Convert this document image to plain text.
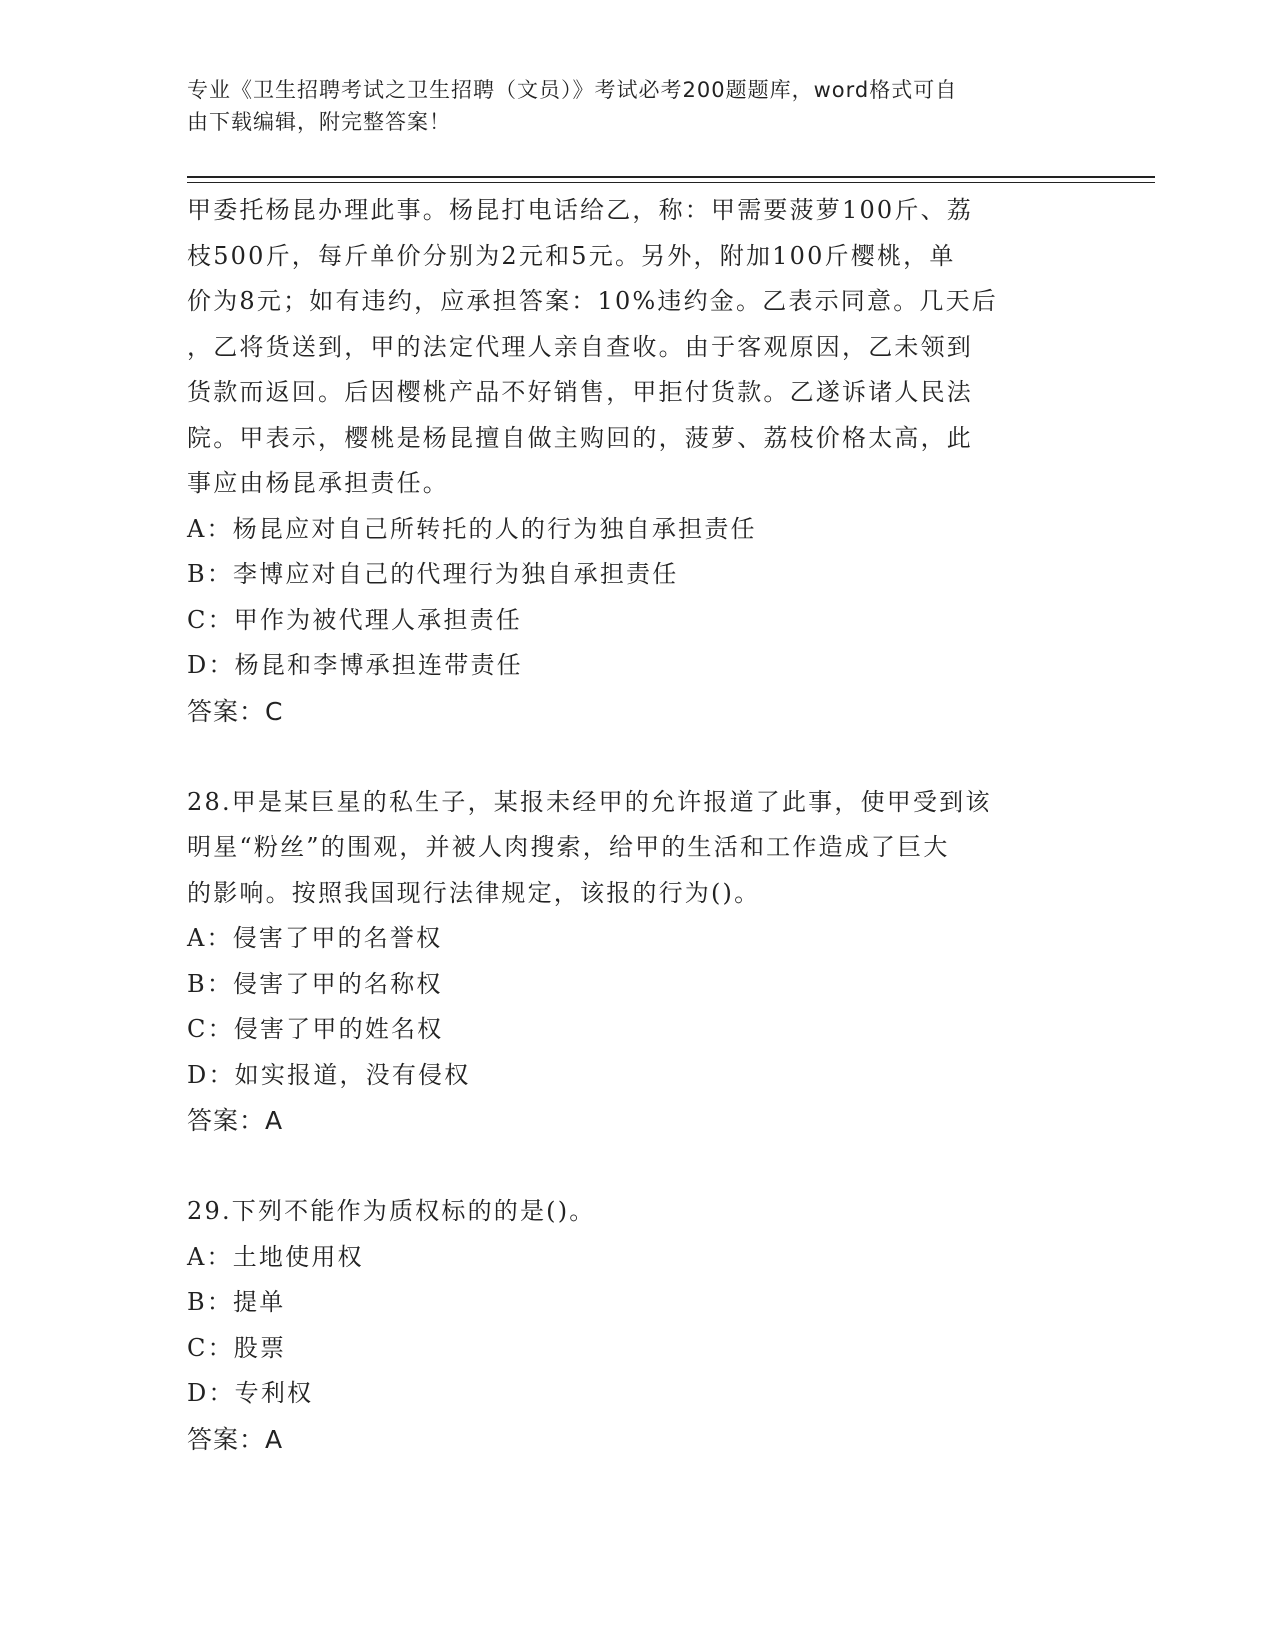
专业《卫生招聘考试之卫生招聘（文员）》考试必考200题题库，word格式可自
由下载编辑，附完整答案！
甲委托杨昆办理此事。杨昆打电话给乙，称：甲需要菠萝100斤、荔
枝500斤，每斤单价分别为2元和5元。另外，附加100斤樱桃，单
价为8元；如有违约，应承担答案：10%违约金。乙表示同意。几天后
，乙将货送到，甲的法定代理人亲自查收。由于客观原因，乙未领到
货款而返回。后因樱桃产品不好销售，甲拒付货款。乙遂诉诸人民法
院。甲表示，樱桃是杨昆擅自做主购回的，菠萝、荔枝价格太高，此
事应由杨昆承担责任。
A：杨昆应对自己所转托的人的行为独自承担责任
B：李博应对自己的代理行为独自承担责任
C：甲作为被代理人承担责任
D：杨昆和李博承担连带责任
答案：C
28.甲是某巨星的私生子，某报未经甲的允许报道了此事，使甲受到该
明星“粉丝”的围观，并被人肉搜索，给甲的生活和工作造成了巨大
的影响。按照我国现行法律规定，该报的行为()。
A：侵害了甲的名誉权
B：侵害了甲的名称权
C：侵害了甲的姓名权
D：如实报道，没有侵权
答案：A
29.下列不能作为质权标的的是()。
A：土地使用权
B：提单
C：股票
D：专利权
答案：A
